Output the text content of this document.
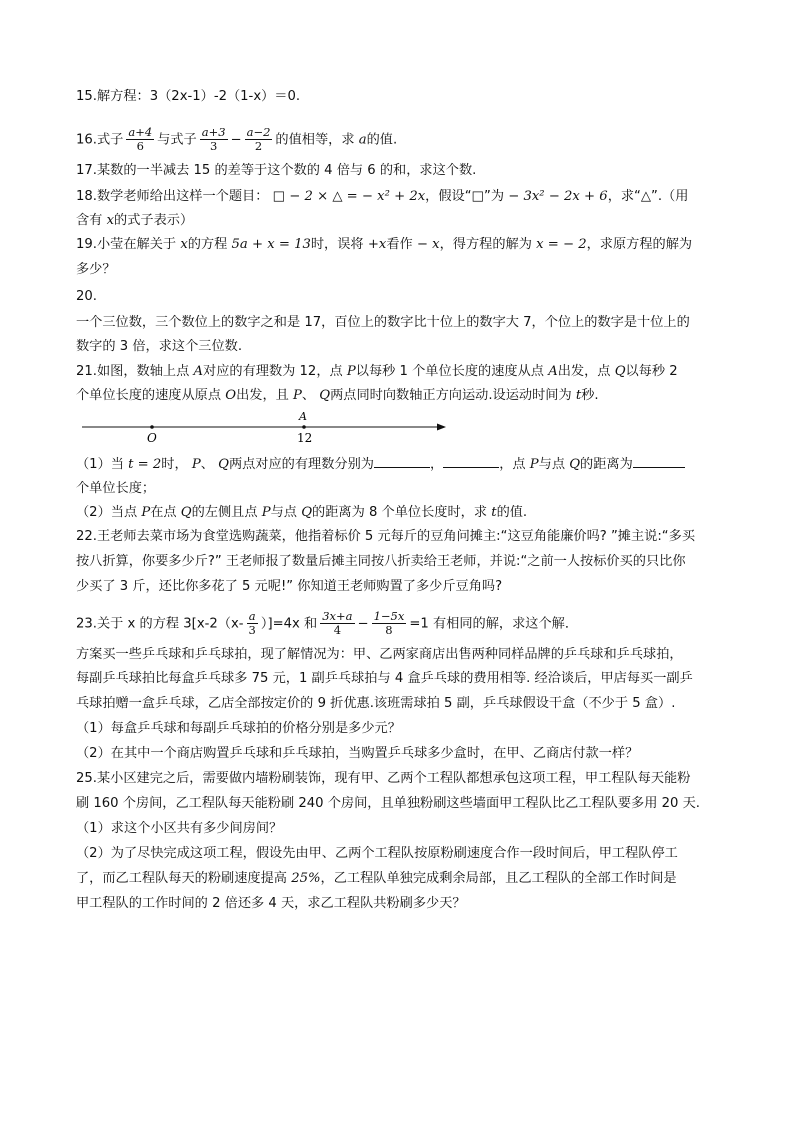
15.解方程：3（2x-1）-2（1-x）＝0.
16.式子 $\frac{a+4}{6}$ 与式子 $\frac{a+3}{3} - \frac{a-2}{2}$ 的值相等，求 a的值.
17.某数的一半减去 15 的差等于这个数的 4 倍与 6 的和，求这个数.
18.数学老师给出这样一个题目： □ − 2 × △ = − x² + 2x，假设“□”为 − 3x² − 2x + 6，求“△”.（用
含有 x的式子表示）
19.小莹在解关于 x的方程 5a + x = 13时，误将 +x看作 − x，得方程的解为 x = − 2，求原方程的解为
多少？
20.
一个三位数，三个数位上的数字之和是 17，百位上的数字比十位上的数字大 7，个位上的数字是十位上的
数字的 3 倍，求这个三位数.
21.如图，数轴上点 A对应的有理数为 12，点 P以每秒 1 个单位长度的速度从点 A出发，点 Q以每秒 2
个单位长度的速度从原点 O出发，且 P、 Q两点同时向数轴正方向运动.设运动时间为 t秒.
O
A
12
（1）当 t = 2时， P、 Q两点对应的有理数分别为	，	，点 P与点 Q的距离为
个单位长度；
（2）当点 P在点 Q的左侧且点 P与点 Q的距离为 8 个单位长度时，求 t的值.
22.王老师去菜市场为食堂选购蔬菜，他指着标价 5 元每斤的豆角问摊主:“这豆角能廉价吗? ”摊主说:“多买
按八折算，你要多少斤?” 王老师报了数量后摊主同按八折卖给王老师，并说:“之前一人按标价买的只比你
少买了 3 斤，还比你多花了 5 元呢!” 你知道王老师购置了多少斤豆角吗?
23.关于 x 的方程 $3[x-2(x- \frac{a}{3} )]=4x$ 和 $\frac{3x+a}{4} - \frac{1-5x}{8} =1$ 有相同的解，求这个解．
方案买一些乒乓球和乒乓球拍，现了解情况为：甲、乙两家商店出售两种同样品牌的乒乓球和乒乓球拍，
每副乒乓球拍比每盒乒乓球多 75 元，1 副乒乓球拍与 4 盒乒乓球的费用相等. 经洽谈后，甲店每买一副乒
乓球拍赠一盒乒乓球，乙店全部按定价的 9 折优惠.该班需球拍 5 副，乒乓球假设干盒（不少于 5 盒）.
（1）每盒乒乓球和每副乒乓球拍的价格分别是多少元？
（2）在其中一个商店购置乒乓球和乒乓球拍，当购置乒乓球多少盒时，在甲、乙商店付款一样？
25.某小区建完之后，需要做内墙粉刷装饰，现有甲、乙两个工程队都想承包这项工程，甲工程队每天能粉
刷 160 个房间，乙工程队每天能粉刷 240 个房间，且单独粉刷这些墙面甲工程队比乙工程队要多用 20 天.
（1）求这个小区共有多少间房间？
（2）为了尽快完成这项工程，假设先由甲、乙两个工程队按原粉刷速度合作一段时间后，甲工程队停工
了，而乙工程队每天的粉刷速度提高 25%，乙工程队单独完成剩余局部，且乙工程队的全部工作时间是
甲工程队的工作时间的 2 倍还多 4 天，求乙工程队共粉刷多少天？
